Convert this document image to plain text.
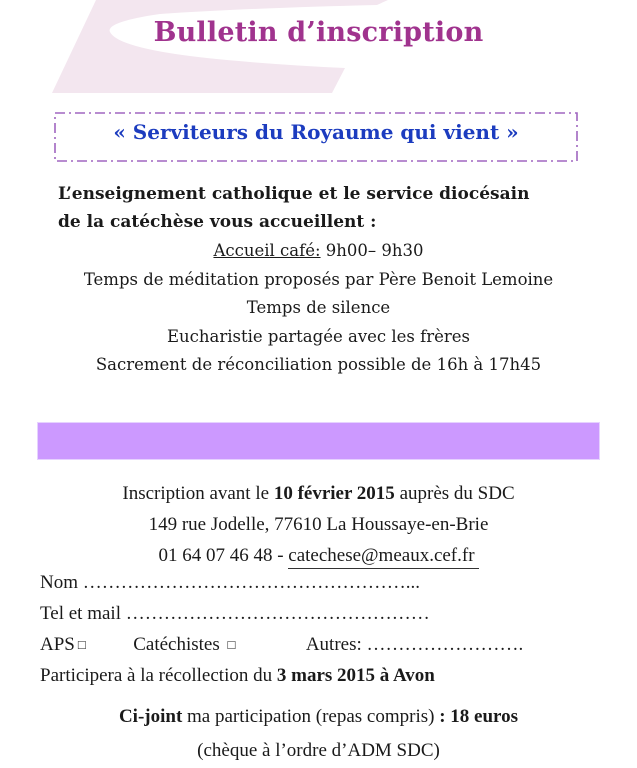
Bulletin d’inscription
« Serviteurs du Royaume qui vient »
L’enseignement catholique et le service diocésain
de la catéchèse vous accueillent :
Accueil café: 9h00– 9h30
Temps de méditation proposés par Père Benoit Lemoine
Temps de silence
Eucharistie partagée avec les frères
Sacrement de réconciliation possible de 16h à 17h45
Inscription avant le 10 février 2015 auprès du SDC
149 rue Jodelle, 77610 La Houssaye-en-Brie
01 64 07 46 48 - catechese@meaux.cef.fr
Nom ……………………………………………...
Tel et mail …………………………………………
APS □	Catéchistes □	Autres: …………………….
Participera à la récollection du 3 mars 2015 à Avon
Ci-joint ma participation (repas compris) : 18 euros
(chèque à l’ordre d’ADM SDC)
